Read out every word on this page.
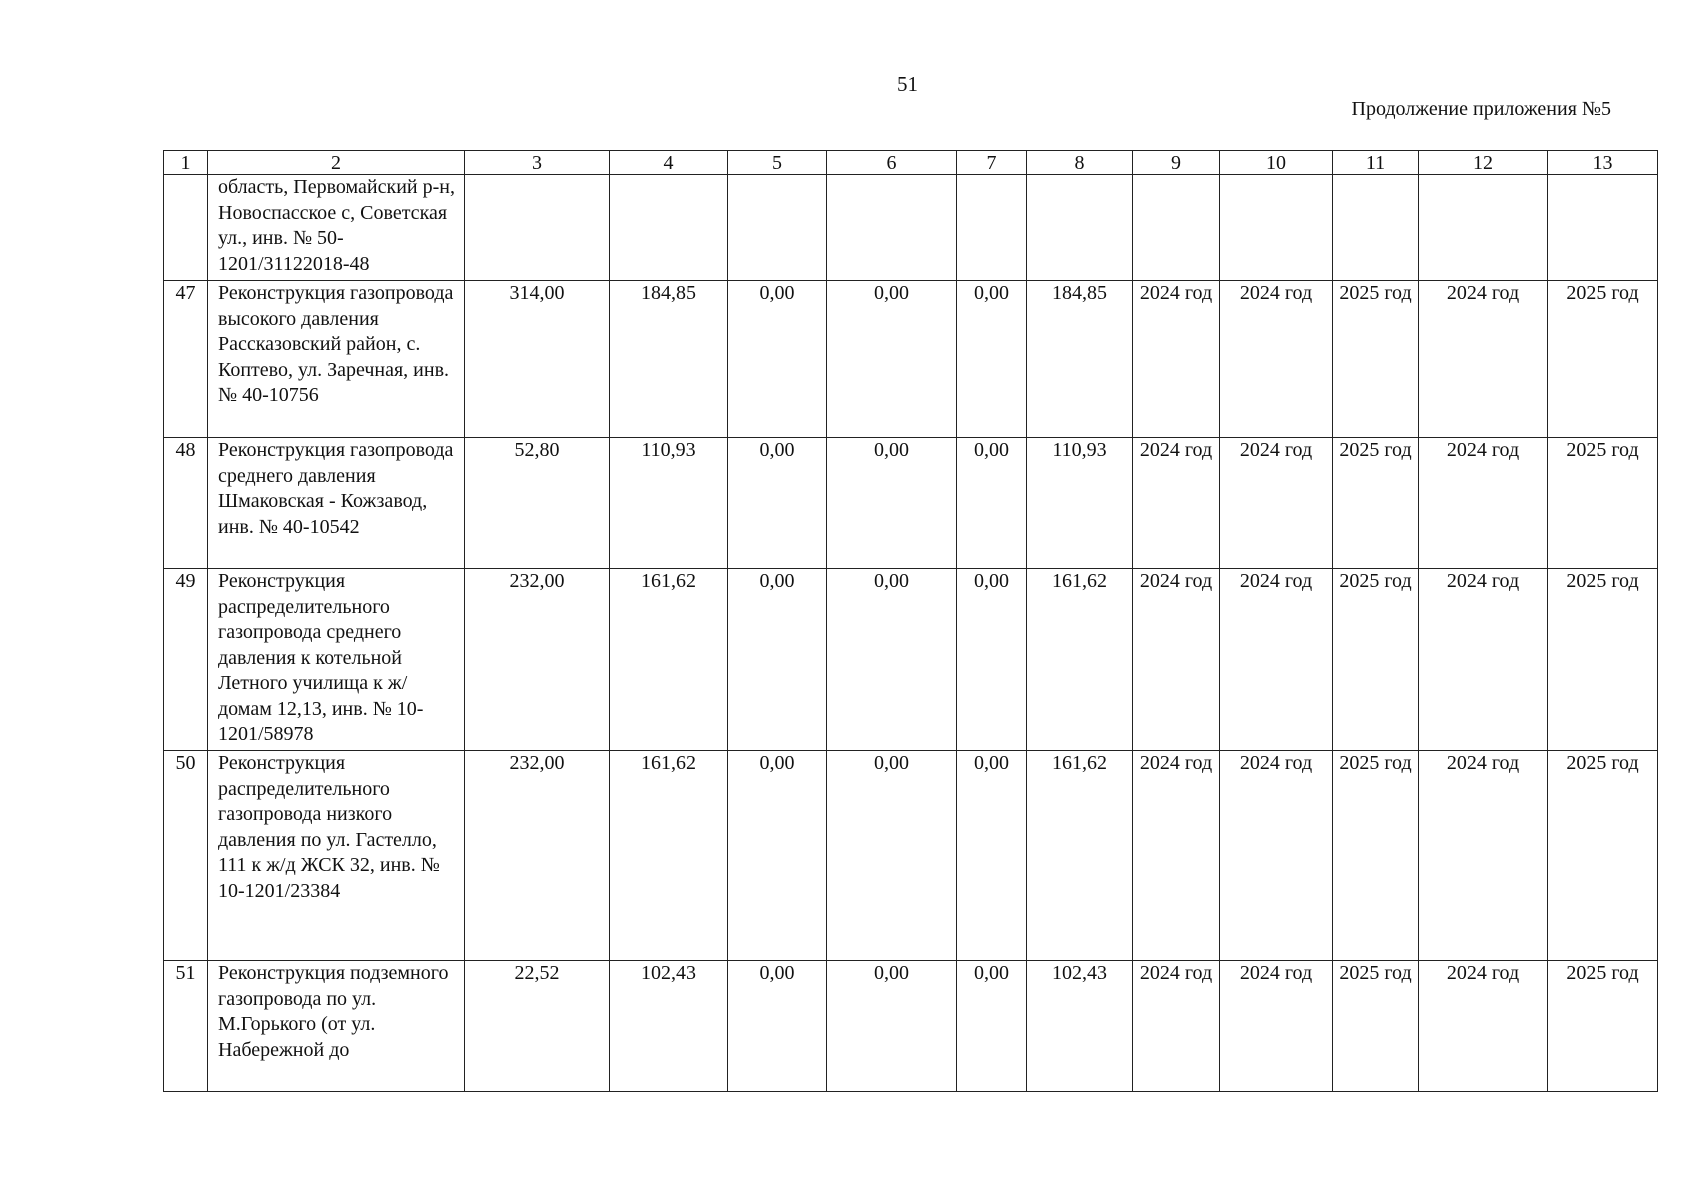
51
Продолжение приложения №5
1	2	3	4	5	6	7	8	9	10	11	12	13
	область, Первомайский р-н, Новоспасское с, Советская ул., инв. № 50-1201/31122018-48											
47	Реконструкция газопровода высокого давления Рассказовский район, с. Коптево, ул. Заречная, инв. № 40-10756	314,00	184,85	0,00	0,00	0,00	184,85	2024 год	2024 год	2025 год	2024 год	2025 год
48	Реконструкция газопровода среднего давления Шмаковская - Кожзавод, инв. № 40-10542	52,80	110,93	0,00	0,00	0,00	110,93	2024 год	2024 год	2025 год	2024 год	2025 год
49	Реконструкция распределительного газопровода среднего давления к котельной Летного училища к ж/домам 12,13, инв. № 10-1201/58978	232,00	161,62	0,00	0,00	0,00	161,62	2024 год	2024 год	2025 год	2024 год	2025 год
50	Реконструкция распределительного газопровода низкого давления по ул. Гастелло, 111 к ж/д ЖСК 32, инв. № 10-1201/23384	232,00	161,62	0,00	0,00	0,00	161,62	2024 год	2024 год	2025 год	2024 год	2025 год
51	Реконструкция подземного газопровода по ул. М.Горького (от ул. Набережной до	22,52	102,43	0,00	0,00	0,00	102,43	2024 год	2024 год	2025 год	2024 год	2025 год
